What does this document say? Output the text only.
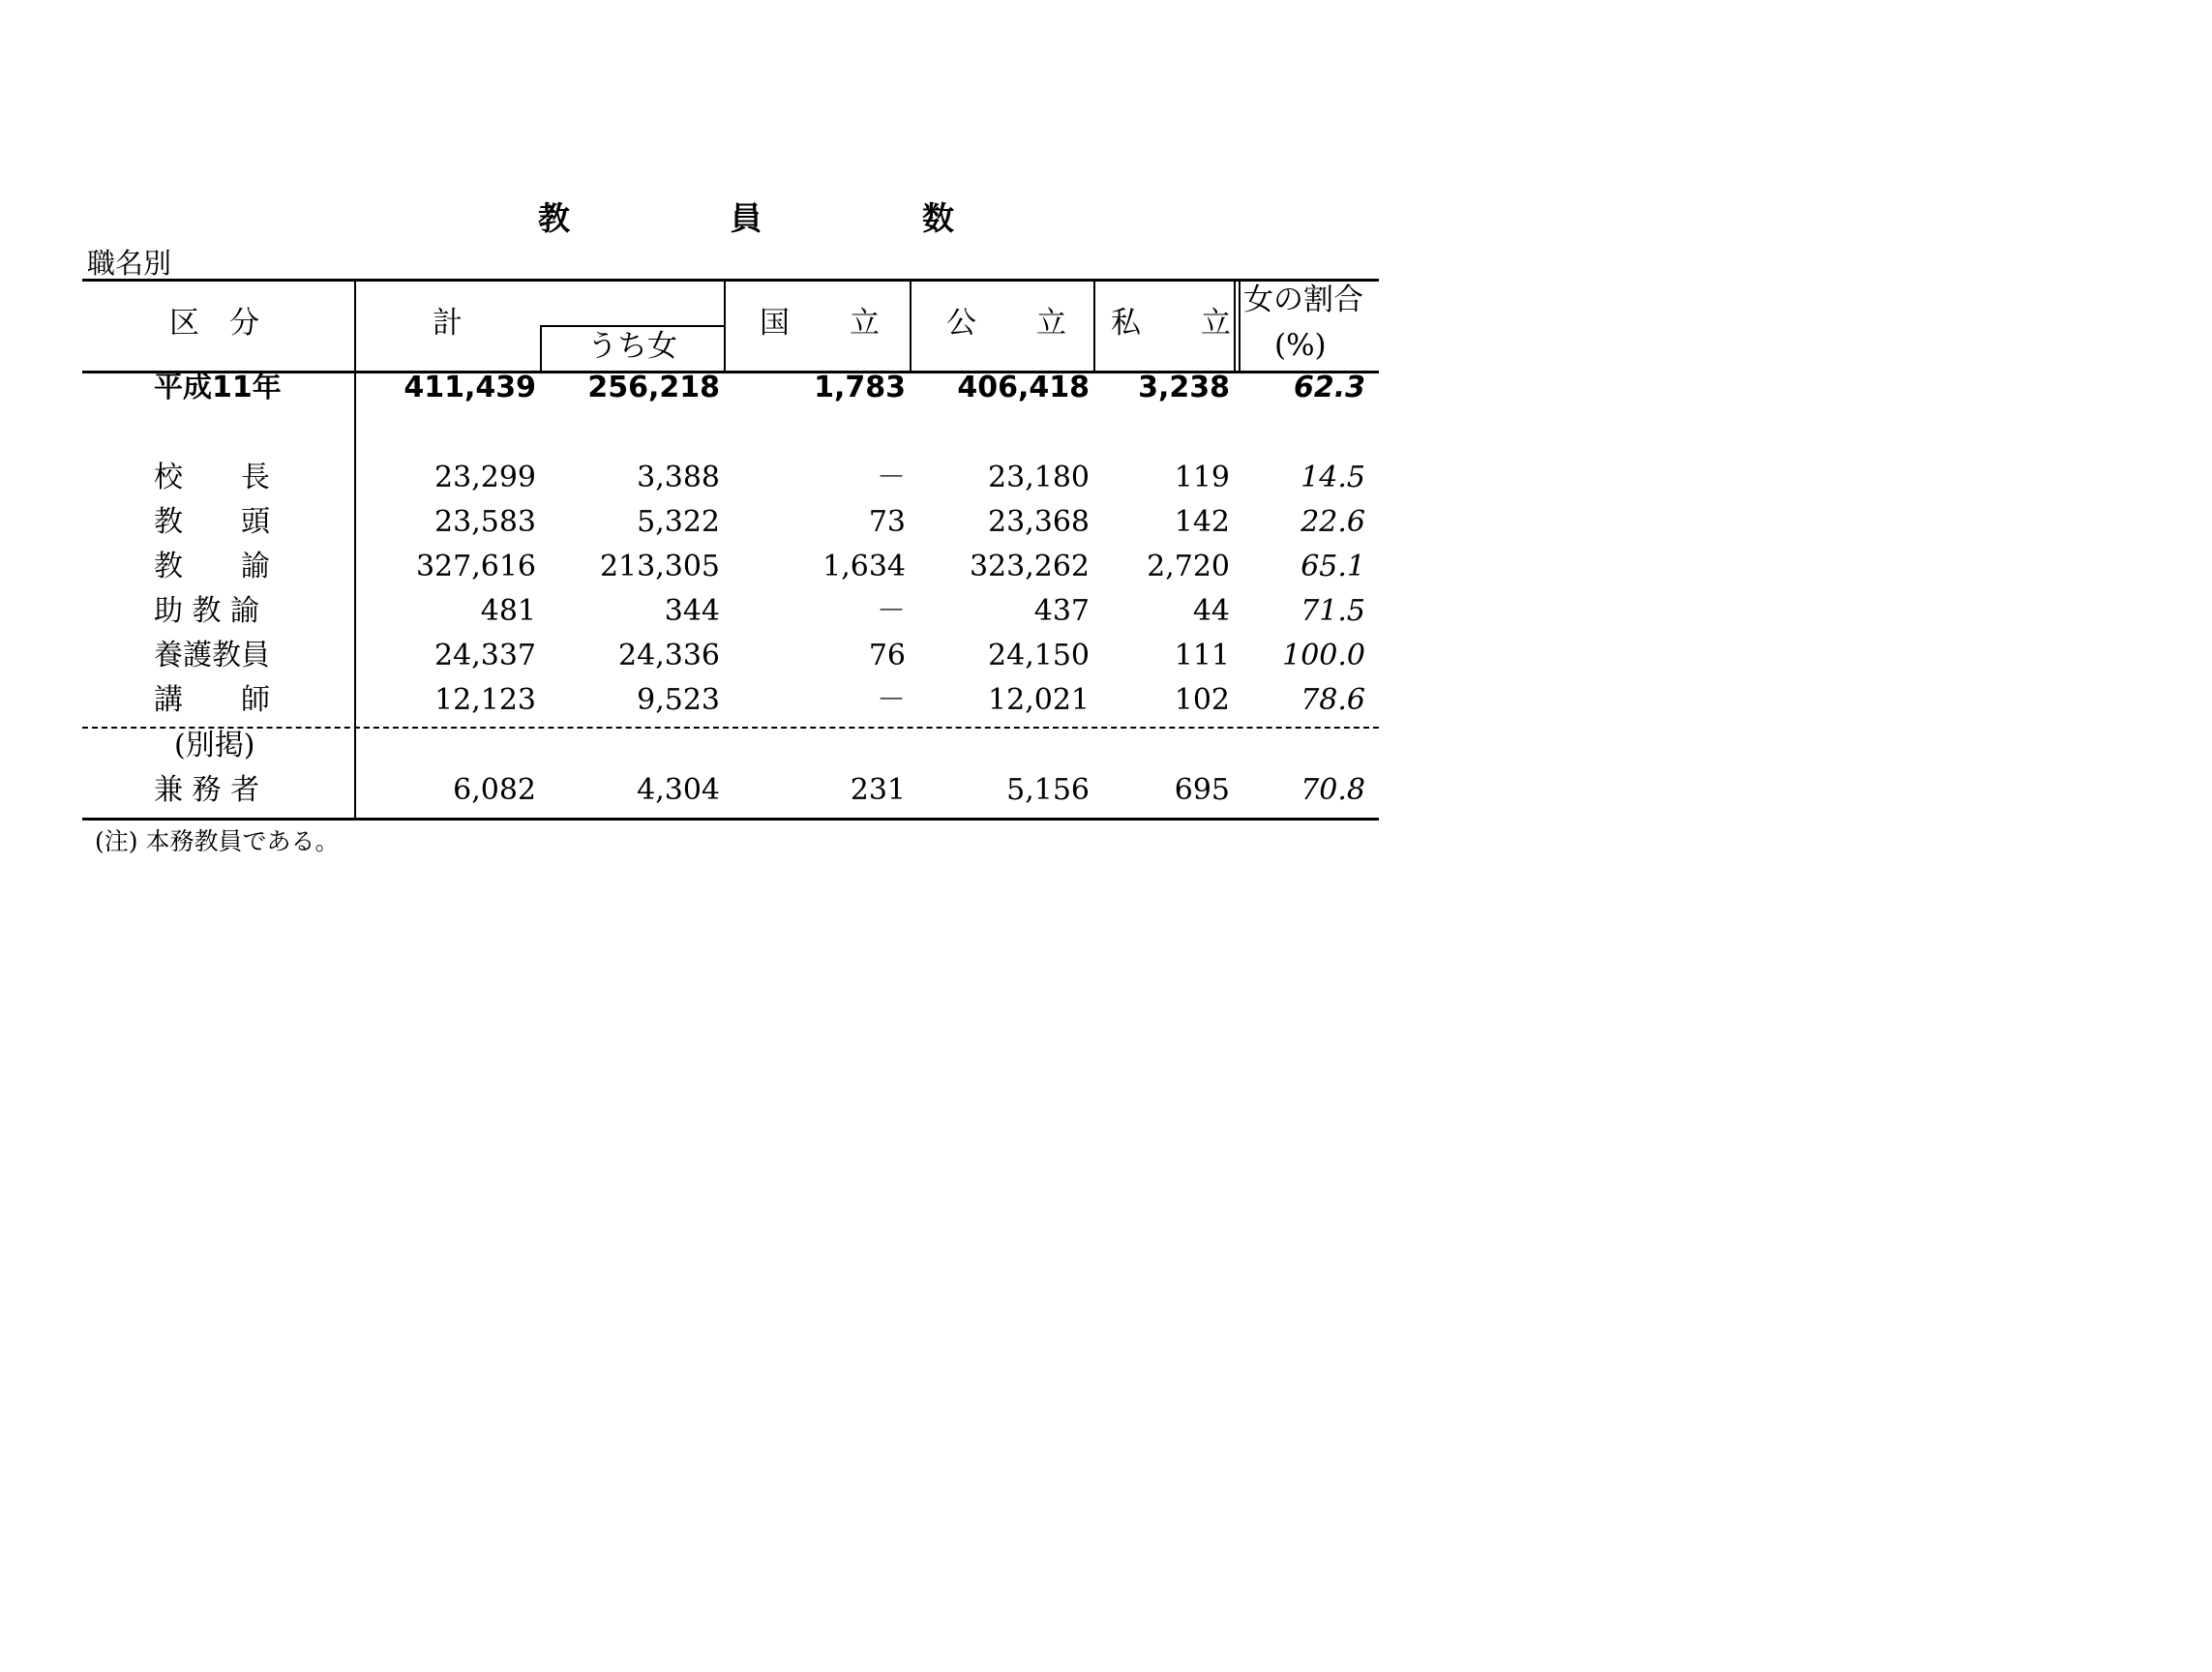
教	員	数
職名別
区　分	計
うち女
国　　立 公　　立 私　　立
女の割合
(%)
平成11年	411,439 256,218	1,783 406,418 3,238 62.3
校　　長	23,299	3,388	－	23,180	119 14.5
教　　頭	23,583	5,322	73	23,368	142 22.6
教　　諭	327,616 213,305	1,634 323,262 2,720 65.1
助 教 諭	481	344	－	437	44 71.5
養護教員	24,337	24,336	76	24,150	111 100.0
講　　師	12,123	9,523	－	12,021	102 78.6
兼 務 者	6,082	4,304	231	5,156	695 70.8
(別掲)
(注) 本務教員である。
